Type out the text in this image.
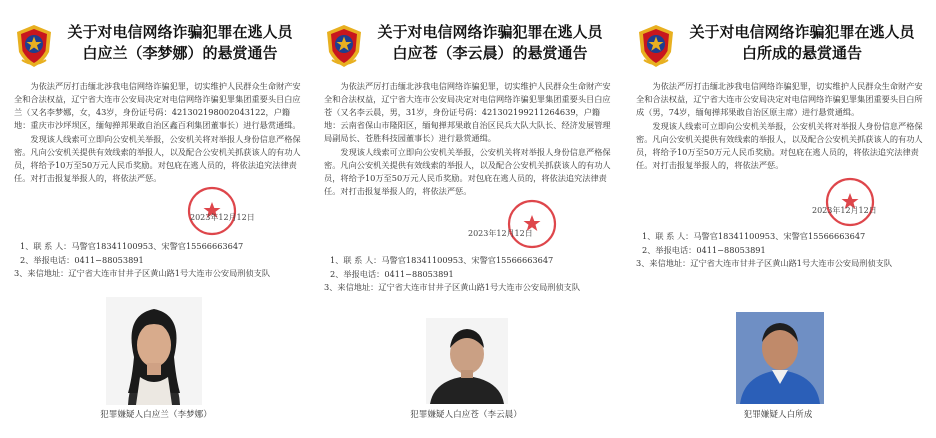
关于对电信网络诈骗犯罪在逃人员
白应兰（李梦娜）的悬赏通告

为依法严厉打击缅北涉我电信网络诈骗犯罪，切实维护人民群众生命财产安全和合法权益，辽宁省大连市公安局决定对电信网络诈骗犯罪集团重要头目白应兰（又名李梦娜，女，43岁，身份证号码：421302198002043122，户籍地：重庆市沙坪坝区，缅甸掸邦果敢自治区鑫百利集团董事长）进行悬赏通缉。

发现该人线索可立即向公安机关举报，公安机关将对举报人身份信息严格保密。凡向公安机关提供有效线索的举报人，以及配合公安机关抓获该人的有功人员，将给予10万至50万元人民币奖励。对包庇在逃人员的，将依法追究法律责任。对打击报复举报人的，将依法严惩。

2023年12月12日
1、联 系 人：马警官18341100953、宋警官15566663647
2、举报电话：0411−88053891
3、来信地址：辽宁省大连市甘井子区黄山路1号大连市公安局刑侦支队
犯罪嫌疑人白应兰（李梦娜）
关于对电信网络诈骗犯罪在逃人员
白应苍（李云晨）的悬赏通告

为依法严厉打击缅北涉我电信网络诈骗犯罪，切实维护人民群众生命财产安全和合法权益，辽宁省大连市公安局决定对电信网络诈骗犯罪集团重要头目白应苍（又名李云晨，男，31岁，身份证号码：421302199211264639，户籍地：云南省保山市隆阳区，缅甸掸邦果敢自治区民兵大队大队长、经济发展管理局副局长、苍胜科技园董事长）进行悬赏通缉。

发现该人线索可立即向公安机关举报，公安机关将对举报人身份信息严格保密。凡向公安机关提供有效线索的举报人，以及配合公安机关抓获该人的有功人员，将给予10万至50万元人民币奖励。对包庇在逃人员的，将依法追究法律责任。对打击报复举报人的，将依法严惩。

2023年12月12日
1、联 系 人：马警官18341100953、宋警官15566663647
2、举报电话：0411−88053891
3、来信地址：辽宁省大连市甘井子区黄山路1号大连市公安局刑侦支队
犯罪嫌疑人白应苍（李云晨）
关于对电信网络诈骗犯罪在逃人员
白所成的悬赏通告

为依法严厉打击缅北涉我电信网络诈骗犯罪，切实维护人民群众生命财产安全和合法权益，辽宁省大连市公安局决定对电信网络诈骗犯罪集团重要头目白所成（男，74岁，缅甸掸邦果敢自治区原主席）进行悬赏通缉。

发现该人线索可立即向公安机关举报，公安机关将对举报人身份信息严格保密。凡向公安机关提供有效线索的举报人，以及配合公安机关抓获该人的有功人员，将给予10万至50万元人民币奖励。对包庇在逃人员的，将依法追究法律责任。对打击报复举报人的，将依法严惩。

2023年12月12日
1、联 系 人：马警官18341100953、宋警官15566663647
2、举报电话：0411−88053891
3、来信地址：辽宁省大连市甘井子区黄山路1号大连市公安局刑侦支队
犯罪嫌疑人白所成
